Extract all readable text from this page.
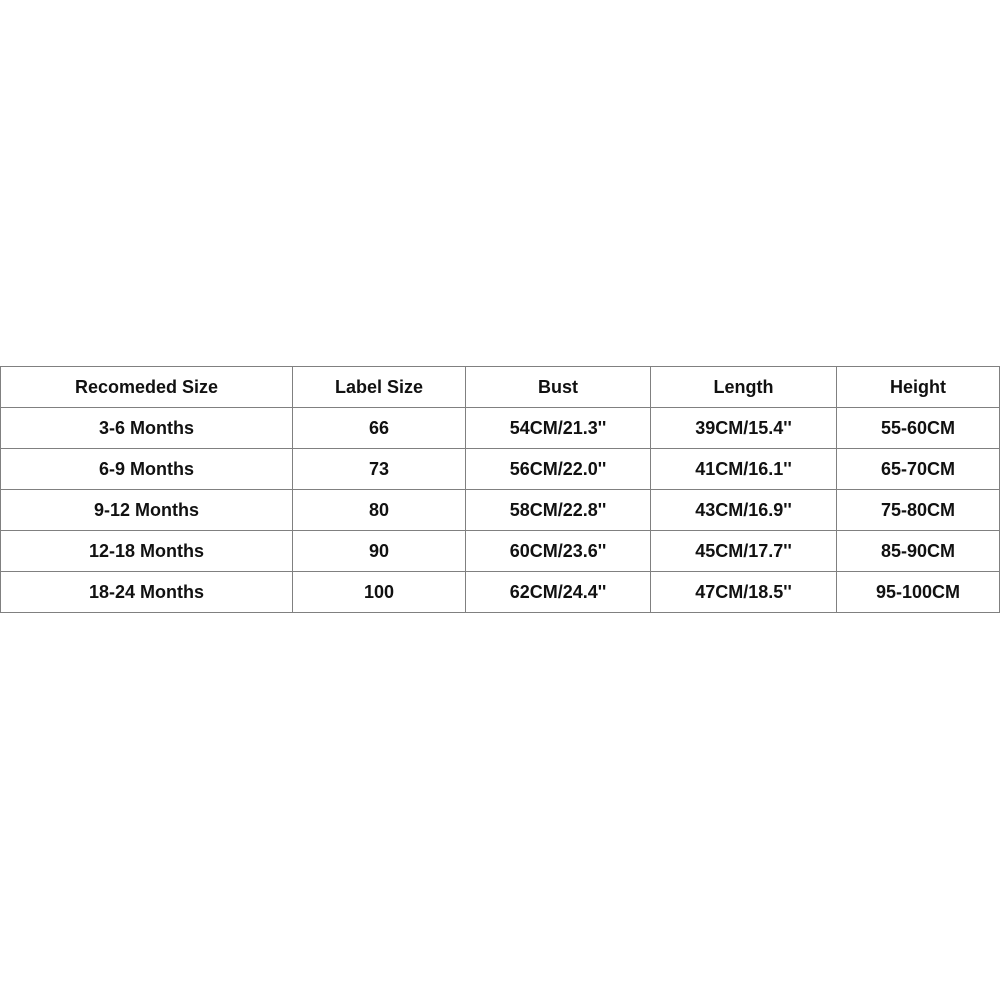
Recomeded Size	Label Size	Bust	Length	Height
3-6 Months	66	54CM/21.3''	39CM/15.4''	55-60CM
6-9 Months	73	56CM/22.0''	41CM/16.1''	65-70CM
9-12 Months	80	58CM/22.8''	43CM/16.9''	75-80CM
12-18 Months	90	60CM/23.6''	45CM/17.7''	85-90CM
18-24 Months	100	62CM/24.4''	47CM/18.5''	95-100CM
